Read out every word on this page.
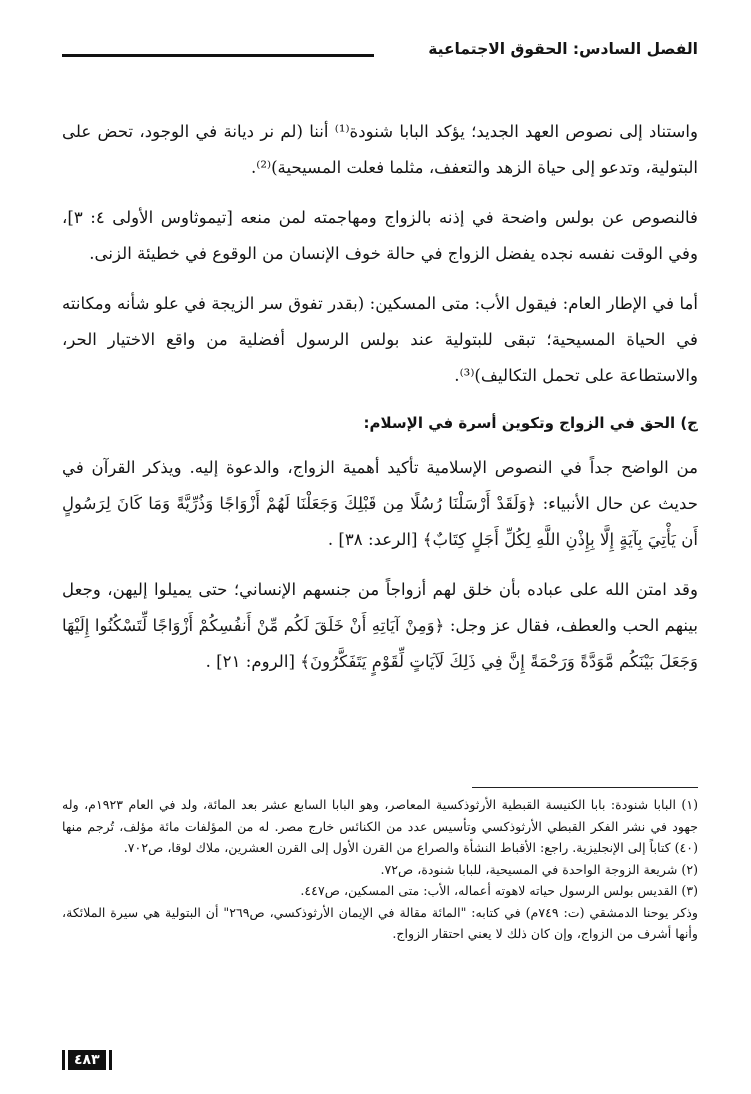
الفصل السادس: الحقوق الاجتماعية

واستناد إلى نصوص العهد الجديد؛ يؤكد البابا شنودة⁽¹⁾ أننا (لم نر ديانة في الوجود، تحض على البتولية، وتدعو إلى حياة الزهد والتعفف، مثلما فعلت المسيحية)⁽²⁾.

فالنصوص عن بولس واضحة في إذنه بالزواج ومهاجمته لمن منعه [تيموثاوس الأولى ٤: ٣]، وفي الوقت نفسه نجده يفضل الزواج في حالة خوف الإنسان من الوقوع في خطيئة الزنى.

أما في الإطار العام: فيقول الأب: متى المسكين: (بقدر تفوق سر الزيجة في علو شأنه ومكانته في الحياة المسيحية؛ تبقى للبتولية عند بولس الرسول أفضلية من واقع الاختيار الحر، والاستطاعة على تحمل التكاليف)⁽³⁾.

ج) الحق في الزواج وتكوين أسرة في الإسلام:

من الواضح جداً في النصوص الإسلامية تأكيد أهمية الزواج، والدعوة إليه. ويذكر القرآن في حديث عن حال الأنبياء: ﴿وَلَقَدْ أَرْسَلْنَا رُسُلًا مِن قَبْلِكَ وَجَعَلْنَا لَهُمْ أَزْوَاجًا وَذُرِّيَّةً وَمَا كَانَ لِرَسُولٍ أَن يَأْتِيَ بِآيَةٍ إِلَّا بِإِذْنِ اللَّهِ لِكُلِّ أَجَلٍ كِتَابٌ﴾ [الرعد: ٣٨] .

وقد امتن الله على عباده بأن خلق لهم أزواجاً من جنسهم الإنساني؛ حتى يميلوا إليهن، وجعل بينهم الحب والعطف، فقال عز وجل: ﴿وَمِنْ آيَاتِهِ أَنْ خَلَقَ لَكُم مِّنْ أَنفُسِكُمْ أَزْوَاجًا لِّتَسْكُنُوا إِلَيْهَا وَجَعَلَ بَيْنَكُم مَّوَدَّةً وَرَحْمَةً إِنَّ فِي ذَلِكَ لَآيَاتٍ لِّقَوْمٍ يَتَفَكَّرُونَ﴾ [الروم: ٢١] .

(١) البابا شنودة: بابا الكنيسة القبطية الأرثوذكسية المعاصر، وهو البابا السابع عشر بعد المائة، ولد في العام ١٩٢٣م، وله جهود في نشر الفكر القبطي الأرثوذكسي وتأسيس عدد من الكنائس خارج مصر. له من المؤلفات مائة مؤلف، تُرجم منها (٤٠) كتاباً إلى الإنجليزية. راجع: الأقباط النشأة والصراع من القرن الأول إلى القرن العشرين، ملاك لوقا، ص٧٠٢.

(٢) شريعة الزوجة الواحدة في المسيحية، للبابا شنودة، ص٧٢.

(٣) القديس بولس الرسول حياته لاهوته أعماله، الأب: متى المسكين، ص٤٤٧.

وذكر يوحنا الدمشقي (ت: ٧٤٩م) في كتابه: "المائة مقالة في الإيمان الأرثوذكسي، ص٢٦٩" أن البتولية هي سيرة الملائكة، وأنها أشرف من الزواج، وإن كان ذلك لا يعني احتقار الزواج.

٤٨٣
